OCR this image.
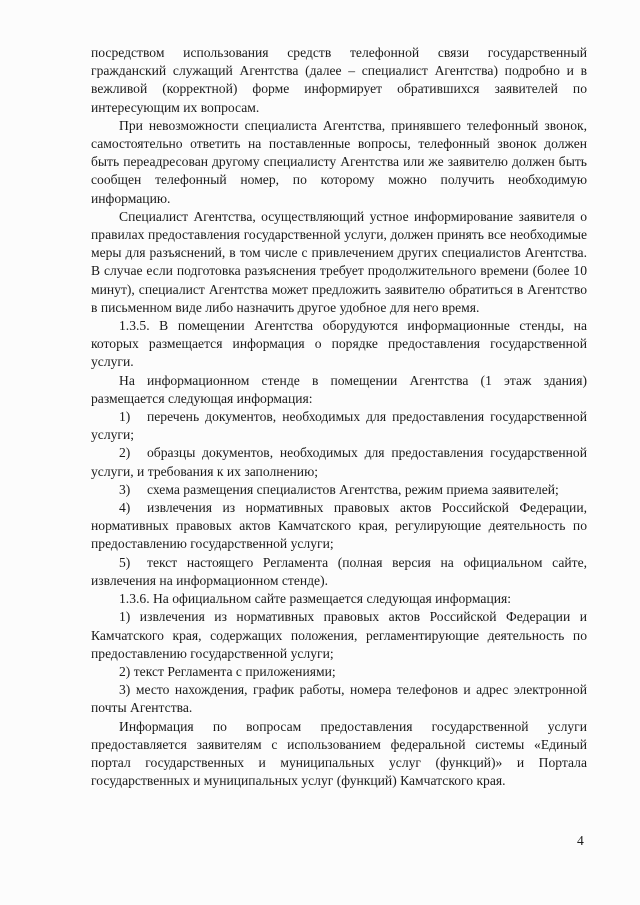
посредством использования средств телефонной связи государственный гражданский служащий Агентства (далее – специалист Агентства) подробно и в вежливой (корректной) форме информирует обратившихся заявителей по интересующим их вопросам.

При невозможности специалиста Агентства, принявшего телефонный звонок, самостоятельно ответить на поставленные вопросы, телефонный звонок должен быть переадресован другому специалисту Агентства или же заявителю должен быть сообщен телефонный номер, по которому можно получить необходимую информацию.

Специалист Агентства, осуществляющий устное информирование заявителя о правилах предоставления государственной услуги, должен принять все необходимые меры для разъяснений, в том числе с привлечением других специалистов Агентства. В случае если подготовка разъяснения требует продолжительного времени (более 10 минут), специалист Агентства может предложить заявителю обратиться в Агентство в письменном виде либо назначить другое удобное для него время.

1.3.5. В помещении Агентства оборудуются информационные стенды, на которых размещается информация о порядке предоставления государственной услуги.

На информационном стенде в помещении Агентства (1 этаж здания) размещается следующая информация:

1) перечень документов, необходимых для предоставления государственной услуги;

2) образцы документов, необходимых для предоставления государственной услуги, и требования к их заполнению;

3) схема размещения специалистов Агентства, режим приема заявителей;

4) извлечения из нормативных правовых актов Российской Федерации, нормативных правовых актов Камчатского края, регулирующие деятельность по предоставлению государственной услуги;

5) текст настоящего Регламента (полная версия на официальном сайте, извлечения на информационном стенде).

1.3.6. На официальном сайте размещается следующая информация:

1) извлечения из нормативных правовых актов Российской Федерации и Камчатского края, содержащих положения, регламентирующие деятельность по предоставлению государственной услуги;

2) текст Регламента с приложениями;

3) место нахождения, график работы, номера телефонов и адрес электронной почты Агентства.

Информация по вопросам предоставления государственной услуги предоставляется заявителям с использованием федеральной системы «Единый портал государственных и муниципальных услуг (функций)» и Портала государственных и муниципальных услуг (функций) Камчатского края.

4
